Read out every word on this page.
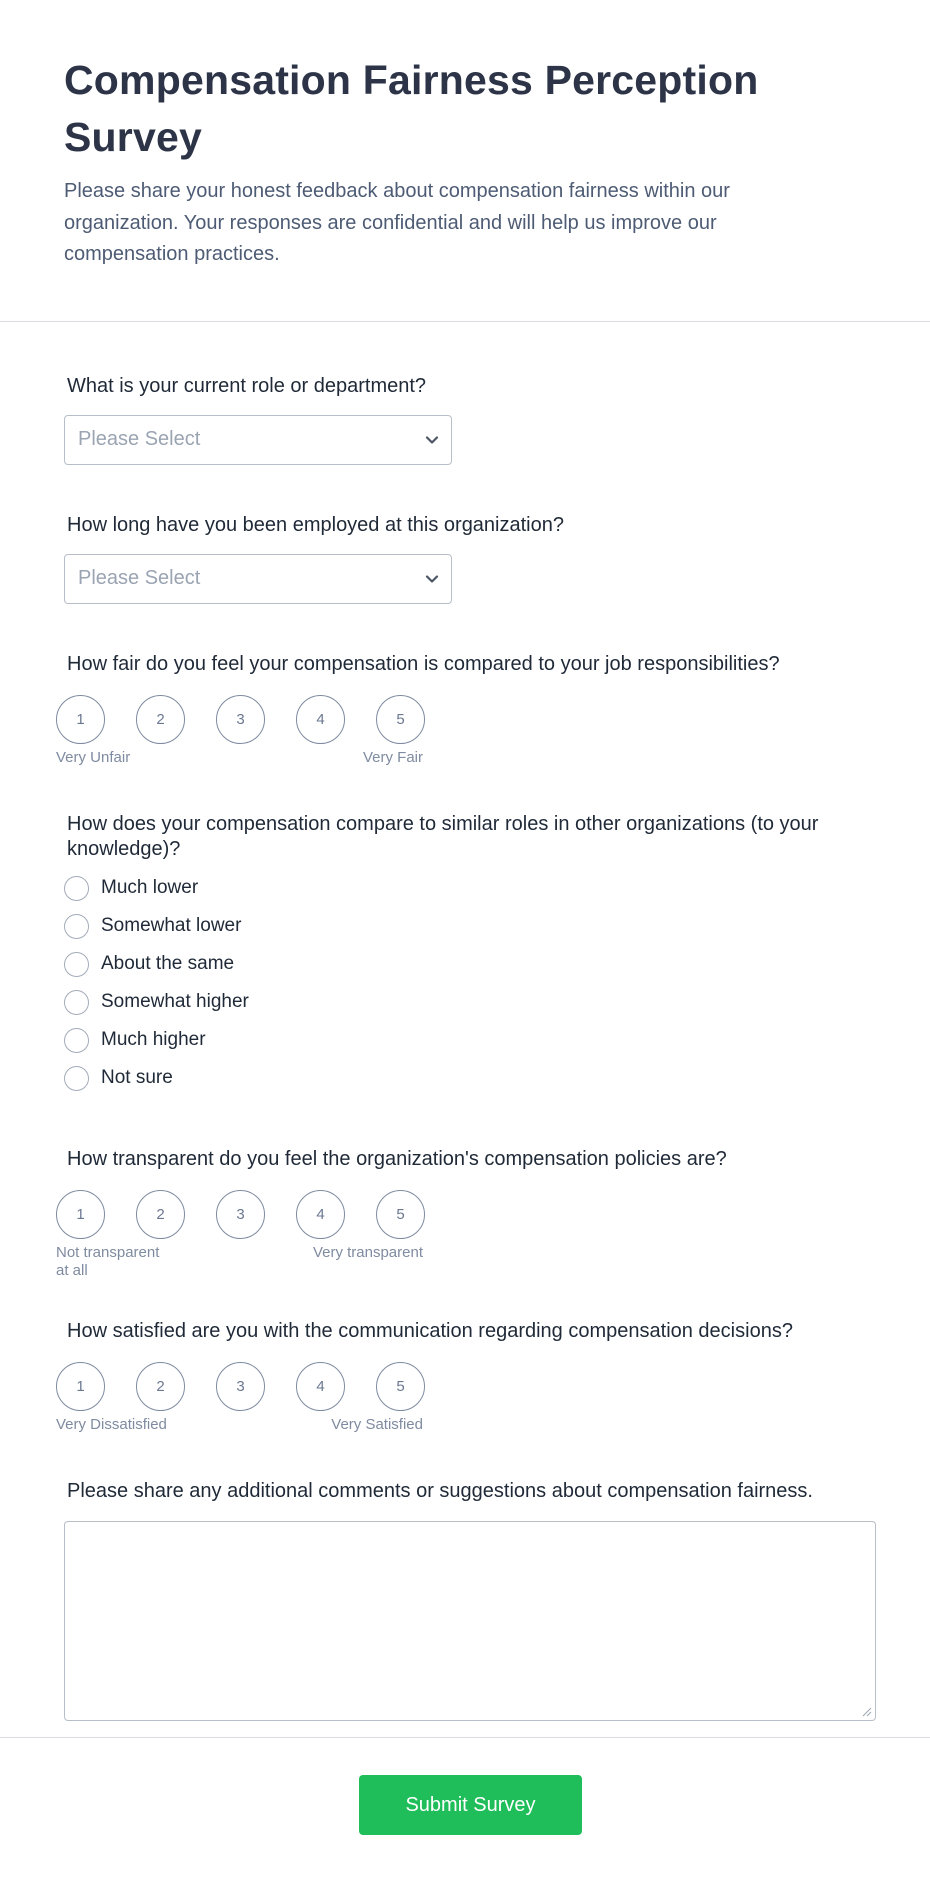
Compensation Fairness Perception Survey

Please share your honest feedback about compensation fairness within our organization. Your responses are confidential and will help us improve our compensation practices.

What is your current role or department?
Please Select
How long have you been employed at this organization?
Please Select
How fair do you feel your compensation is compared to your job responsibilities?
1	2	3	4	5
Very Unfair	Very Fair
How does your compensation compare to similar roles in other organizations (to your knowledge)?
Much lower
Somewhat lower
About the same
Somewhat higher
Much higher
Not sure
How transparent do you feel the organization's compensation policies are?
1	2	3	4	5
Not transparent at all
Very transparent
How satisfied are you with the communication regarding compensation decisions?
1	2	3	4	5
Very Dissatisfied	Very Satisfied
Please share any additional comments or suggestions about compensation fairness.
Submit Survey
